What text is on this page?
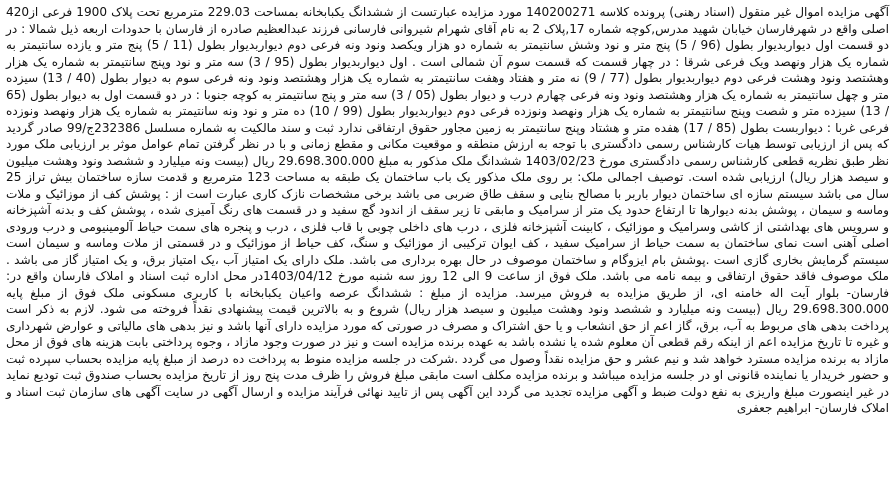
آگهی مزایده اموال غیر منقول (اسناد رهنی) پرونده کلاسه 140200271 مورد مزایده عبارتست از ششدانگ یکبابخانه بمساحت 229.03 مترمربع تحت پلاک 1900 فرعی از420 اصلی واقع در شهرفارسان خیابان شهید مدرس,کوچه شماره 17,پلاک 2 به نام آقای شهرام شیروانی فارسانی فرزند عبدالعظیم صادره از فارسان با حدودات اربعه ذیل شمالا : در دو قسمت اول دیواربدیوار بطول (96 / 5) پنج متر و نود وشش سانتیمتر به شماره دو هزار ویکصد ونود ونه فرعی دوم دیواربدیوار بطول (11 / 5) پنج متر و یازده سانتیمتر به شماره یک هزار ونهصد ویک فرعی شرقا : در چهار قسمت که قسمت سوم آن شمالی است . اول دیواربدیوار بطول (95 / 3) سه متر و نود وپنج سانتیمتر به شماره یک هزار وهشتصد ونود وهشت فرعی دوم دیواربدیوار بطول (77 / 9) نه متر و هفتاد وهفت سانتیمتر به شماره یک هزار وهشتصد ونود ونه فرعی سوم به دیوار بطول (40 / 13) سیزده متر و چهل سانتیمتر به شماره یک هزار وهشتصد ونود ونه فرعی چهارم درب و دیوار بطول (05 / 3) سه متر و پنج سانتیمتر به کوچه جنوبا : در دو قسمت اول به دیوار بطول (65 / 13) سیزده متر و شصت وپنج سانتیمتر به شماره یک هزار ونهصد ونوزده فرعی دوم دیواربدیوار بطول (99 / 10) ده متر و نود ونه سانتیمتر به شماره یک هزار ونهصد ونوزده فرعی غربا : دیواربست بطول (85 / 17) هفده متر و هشتاد وپنج سانتیمتر به زمین مجاور حقوق ارتفاقی ندارد ثبت و سند مالکیت به شماره مسلسل 232386ج/99 صادر گردید که پس از ارزیابی توسط هیات کارشناس رسمی دادگستری با توجه به ارزش منطقه و موقعیت مکانی و مقطع زمانی و با در نظر گرفتن تمام عوامل موثر بر ارزیابی ملک مورد نظر طبق نظریه قطعی کارشناس رسمی دادگستری مورخ 1403/02/23 ششدانگ ملک مذکور به مبلغ 29.698.300.000 ریال (بیست ونه میلیارد و ششصد ونود وهشت میلیون و سیصد هزار ریال) ارزیابی شده است. توصیف اجمالی ملک: بر روی ملک مذکور یک باب ساختمان یک طبقه به مساحت 123 مترمربع و قدمت سازه ساختمان بیش تراز 25 سال می باشد سیستم سازه ای ساختمان دیوار باربر با مصالح بنایی و سقف طاق ضربی می باشد برخی مشخصات نازک کاری عبارت است از : پوشش کف از موزائیک و ملات وماسه و سیمان ، پوشش بدنه دیوارها تا ارتفاع حدود یک متر از سرامیک و مابقی تا زیر سقف از اندود گچ سفید و در قسمت های رنگ آمیزی شده ، پوشش کف و بدنه آشپزخانه و سرویس های بهداشتی از کاشی وسرامیک و موزائیک ، کابینت آشپزخانه فلزی ، درب های داخلی چوبی با قاب فلزی ، درب و پنجره های سمت حیاط آلومینیومی و درب ورودی اصلی آهنی است نمای ساختمان به سمت حیاط از سرامیک سفید ، کف ایوان ترکیبی از موزائیک و سنگ، کف حیاط از موزائیک و در قسمتی از ملات وماسه و سیمان است سیستم گرمایش بخاری گازی است .پوشش بام ایزوگام و ساختمان موصوف در حال بهره برداری می باشد. ملک دارای یک امتیاز آب ،یک امتیاز برق، و یک امتیاز گاز می باشد . ملک موصوف فاقد حقوق ارتفاقی و بیمه نامه می باشد. ملک فوق از ساعت 9 الی 12 روز سه شنبه مورخ 1403/04/12در محل اداره ثبت اسناد و املاک فارسان واقع در: فارسان- بلوار آیت اله خامنه ای، از طریق مزایده به فروش میرسد. مزایده از مبلغ : ششدانگ عرصه واعیان یکبابخانه با کاربری مسکونی ملک فوق از مبلغ پایه 29.698.300.000 ریال (بیست ونه میلیارد و ششصد ونود وهشت میلیون و سیصد هزار ریال) شروع و به بالاترین قیمت پیشنهادی نقداً فروخته می شود. لازم به ذکر است پرداخت بدهی های مربوط به آب، برق، گاز اعم از حق انشعاب و یا حق اشتراک و مصرف در صورتی که مورد مزایده دارای آنها باشد و نیز بدهی های مالیاتی و عوارض شهرداری و غیره تا تاریخ مزایده اعم از اینکه رقم قطعی آن معلوم شده یا نشده باشد به عهده برنده مزایده است و نیز در صورت وجود مازاد ، وجوه پرداختی بابت هزینه های فوق از محل مازاد به برنده مزایده مسترد خواهد شد و نیم عشر و حق مزایده نقداً وصول می گردد .شرکت در جلسه مزایده منوط به پرداخت ده درصد از مبلغ پایه مزایده بحساب سپرده ثبت و حضور خریدار یا نماینده قانونی او در جلسه مزایده میباشد و برنده مزایده مکلف است مابقی مبلغ فروش را ظرف مدت پنج روز از تاریخ مزایده بحساب صندوق ثبت تودیع نماید در غیر اینصورت مبلغ واریزی به نفع دولت ضبط و آگهی مزایده تجدید می گردد این آگهی پس از تایید نهائی فرآیند مزایده و ارسال آگهی در سایت آگهی های سازمان ثبت اسناد و املاک فارسان- ابراهیم جعفری
